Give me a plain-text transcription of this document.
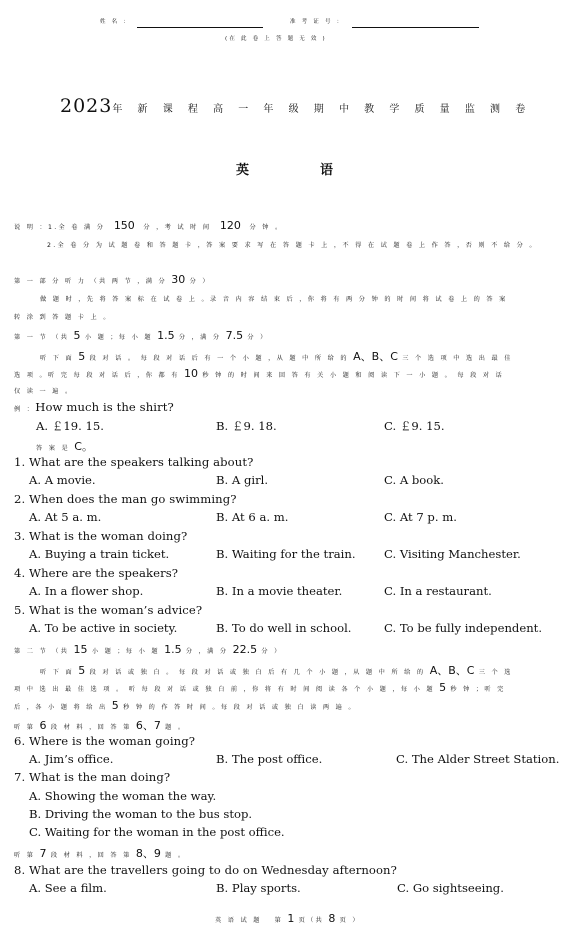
姓 名 ：	准 考 证 号 ：
(在 此 卷 上 答 题 无 效 )
2023年 新 课 程 高 一 年 级 期 中 教 学 质 量 监 测 卷
英	语
说 明 ：1.全 卷 满 分 150 分 ，考 试 时 间 120 分 钟 。
2.全 卷 分 为 试 题 卷 和 答 题 卡 ，答 案 要 求 写 在 答 题 卡 上 ，不 得 在 试 题 卷 上 作 答 ，否 则 不 给 分 。
第 一 部 分 听 力 （共 两 节 ，满 分 30 分 ）
做 题 时 ，先 将 答 案 标 在 试 卷 上 。录 音 内 容 结 束 后 ，你 将 有 两 分 钟 的 时 间 将 试 卷 上 的 答 案
转 涂 到 答 题 卡 上 。
第 一 节 （共 5 小 题 ；每 小 题 1.5 分 ，满 分 7.5 分 ）
听 下 面 5 段 对 话 。 每 段 对 话 后 有 一 个 小 题 ，从 题 中 所 给 的 A、B、C 三 个 选 项 中 选 出 最 佳
选 项 。听 完 每 段 对 话 后 ，你 都 有 10 秒 钟 的 时 间 来 回 答 有 关 小 题 和 阅 读 下 一 小 题 。 每 段 对 话
仅 读 一 遍 。
例 ：How much is the shirt?
A. ￡19. 15.	B. ￡9. 18.	C. ￡9. 15.
答 案 是 C。
1. What are the speakers talking about?
A. A movie.	B. A girl.	C. A book.
2. When does the man go swimming?
A. At 5 a. m.	B. At 6 a. m.	C. At 7 p. m.
3. What is the woman doing?
A. Buying a train ticket.	B. Waiting for the train. C. Visiting Manchester.
4. Where are the speakers?
A. In a flower shop.	B. In a movie theater.	C. In a restaurant.
5. What is the woman’s advice?
A. To be active in society.	B. To do well in school.	C. To be fully independent.
第 二 节 （共 15 小 题 ；每 小 题 1.5 分 ，满 分 22.5 分 ）
听 下 面 5 段 对 话 或 独 白 。 每 段 对 话 或 独 白 后 有 几 个 小 题 ，从 题 中 所 给 的 A、B、C 三 个 选
项 中 选 出 最 佳 选 项 。 听 每 段 对 话 或 独 白 前 ，你 将 有 时 间 阅 读 各 个 小 题 ，每 小 题 5 秒 钟 ；听 完
后 ，各 小 题 将 给 出 5 秒 钟 的 作 答 时 间 。每 段 对 话 或 独 白 读 两 遍 。
听 第 6 段 材 料 ，回 答 第 6、7 题 。
6. Where is the woman going?
A. Jim’s office.	B. The post office.	C. The Alder Street Station.
7. What is the man doing?
A. Showing the woman the way.
B. Driving the woman to the bus stop.
C. Waiting for the woman in the post office.
听 第 7 段 材 料 ，回 答 第 8、9 题 。
8. What are the travellers going to do on Wednesday afternoon?
A. See a film.	B. Play sports.	C. Go sightseeing.
英 语 试 题 第 1 页（共 8 页 ）
